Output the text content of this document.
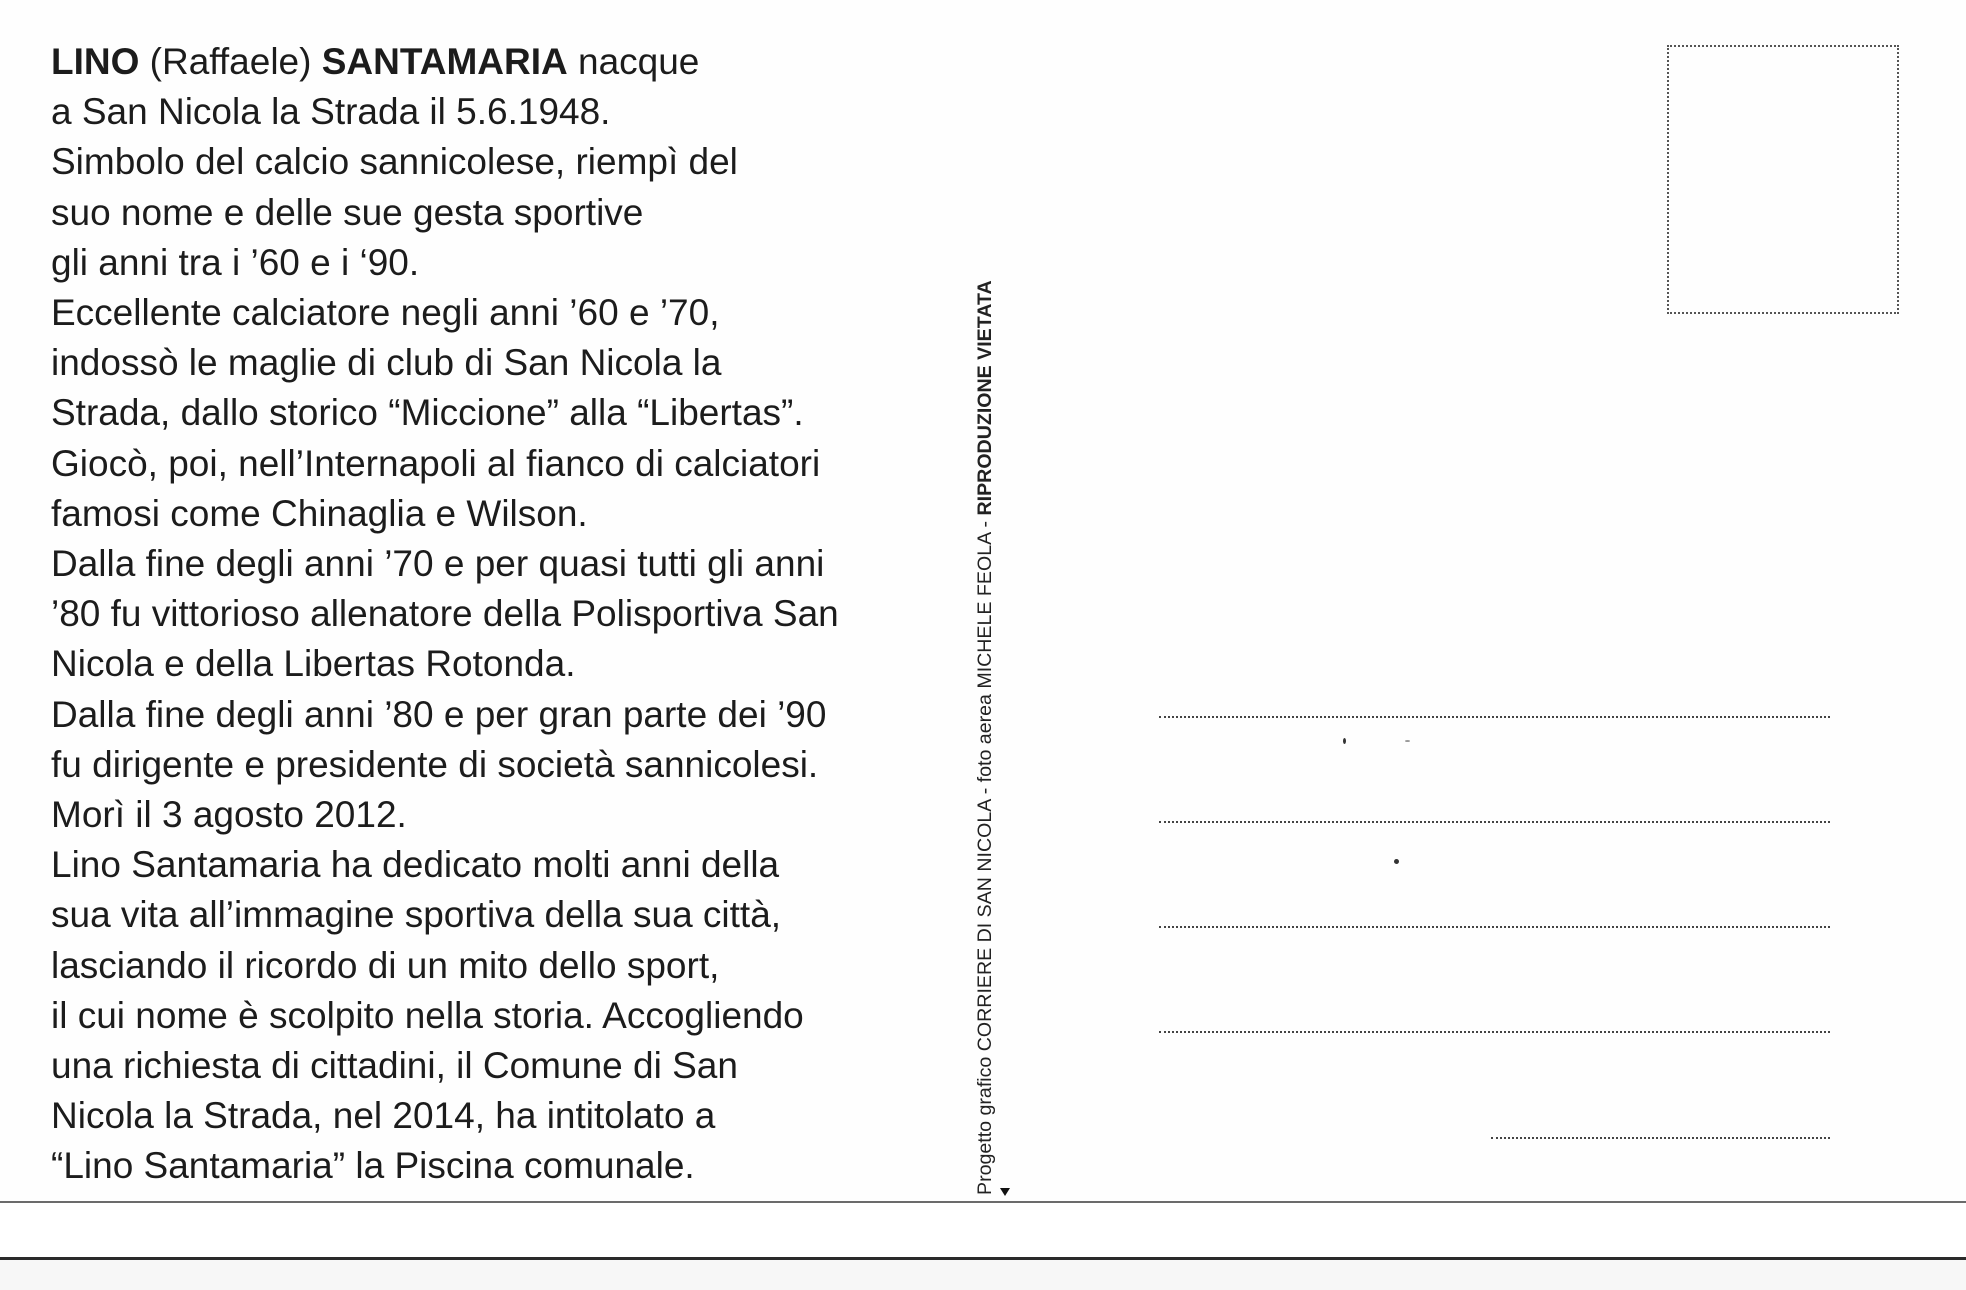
LINO (Raffaele) SANTAMARIA nacque
a San Nicola la Strada il 5.6.1948.
Simbolo del calcio sannicolese, riempì del
suo nome e delle sue gesta sportive
gli anni tra i ’60 e i ‘90.
Eccellente calciatore negli anni ’60 e ’70,
indossò le maglie di club di San Nicola la
Strada, dallo storico “Miccione” alla “Libertas”.
Giocò, poi, nell’Internapoli al fianco di calciatori
famosi come Chinaglia e Wilson.
Dalla fine degli anni ’70 e per quasi tutti gli anni
’80 fu vittorioso allenatore della Polisportiva San
Nicola e della Libertas Rotonda.
Dalla fine degli anni ’80 e per gran parte dei ’90
fu dirigente e presidente di società sannicolesi.
Morì il 3 agosto 2012.
Lino Santamaria ha dedicato molti anni della
sua vita all’immagine sportiva della sua città,
lasciando il ricordo di un mito dello sport,
il cui nome è scolpito nella storia. Accogliendo
una richiesta di cittadini, il Comune di San
Nicola la Strada, nel 2014, ha intitolato a
“Lino Santamaria” la Piscina comunale.	Progetto grafico CORRIERE DI SAN NICOLA - foto aerea MICHELE FEOLA - RIPRODUZIONE VIETATA
